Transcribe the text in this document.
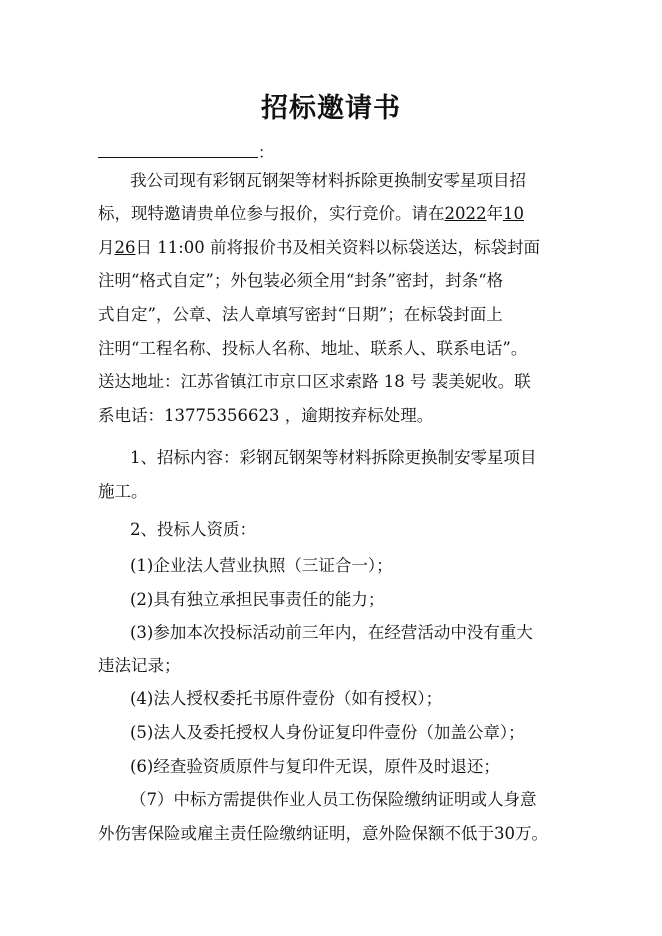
招标邀请书
：
我公司现有彩钢瓦钢架等材料拆除更换制安零星项目招
标，现特邀请贵单位参与报价，实行竞价。请在2022年10
月26日 11:00 前将报价书及相关资料以标袋送达，标袋封面
注明“格式自定”；外包装必须全用“封条”密封，封条“格
式自定”，公章、法人章填写密封“日期”；在标袋封面上
注明“工程名称、投标人名称、地址、联系人、联系电话”。
送达地址：江苏省镇江市京口区求索路 18 号 裴美妮收。联
系电话：13775356623 ，逾期按弃标处理。
1、招标内容：彩钢瓦钢架等材料拆除更换制安零星项目
施工。
2、投标人资质：
(1)企业法人营业执照（三证合一）；
(2)具有独立承担民事责任的能力；
(3)参加本次投标活动前三年内，在经营活动中没有重大
违法记录；
(4)法人授权委托书原件壹份（如有授权）；
(5)法人及委托授权人身份证复印件壹份（加盖公章）；
(6)经查验资质原件与复印件无误，原件及时退还；
（7）中标方需提供作业人员工伤保险缴纳证明或人身意
外伤害保险或雇主责任险缴纳证明，意外险保额不低于30万。
